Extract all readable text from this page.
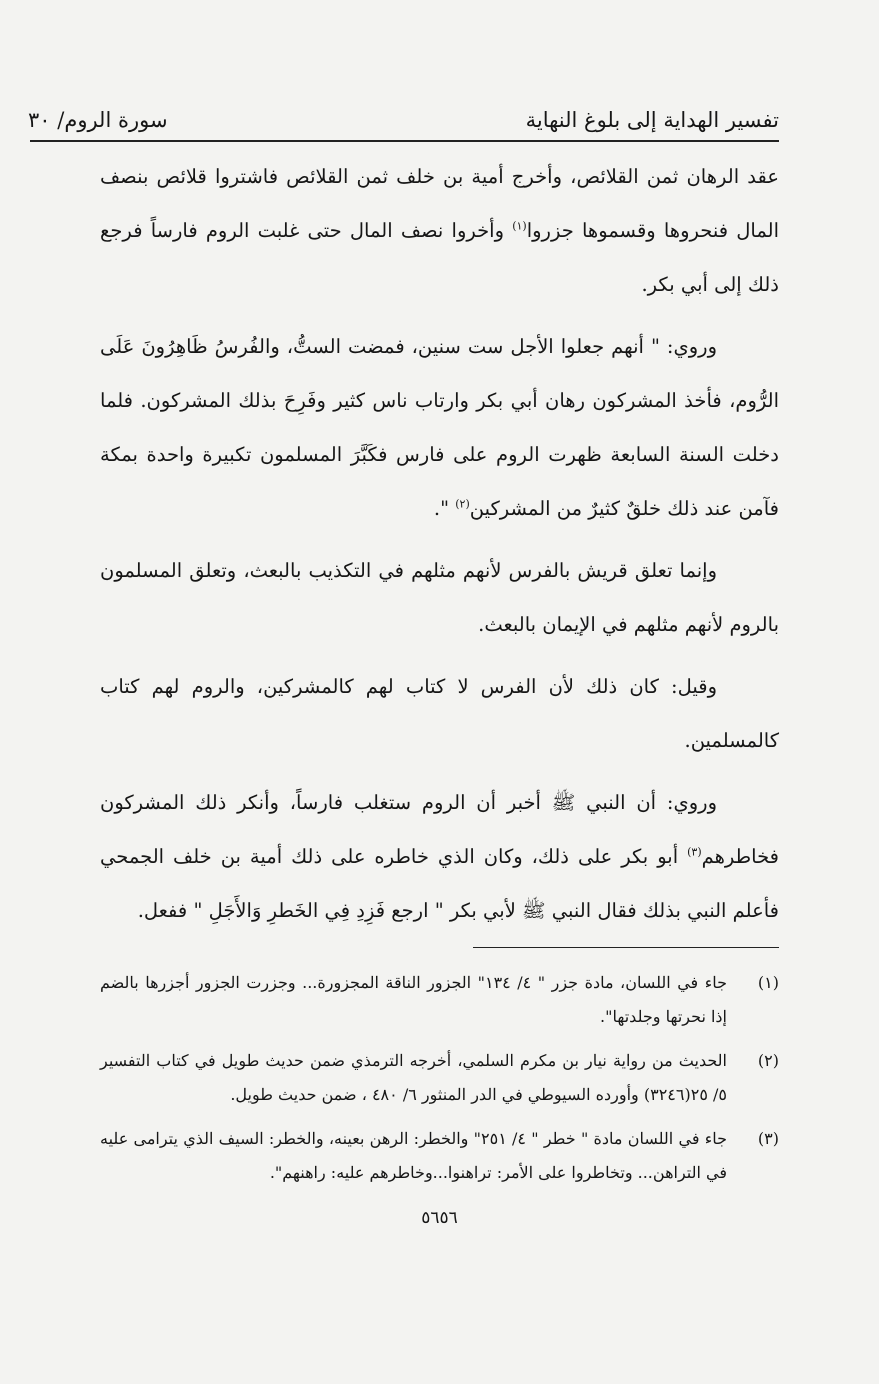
تفسير الهداية إلى بلوغ النهاية
سورة الروم/ ٣٠

عقد الرهان ثمن القلائص، وأخرج أمية بن خلف ثمن القلائص فاشتروا قلائص بنصف المال فنحروها وقسموها جزروا$^{(١)}$ وأخروا نصف المال حتى غلبت الروم فارساً فرجع ذلك إلى أبي بكر.

وروي: " أنهم جعلوا الأجل ست سنين، فمضت الستُّ، والفُرسُ ظَاهِرُونَ عَلَى الرُّوم، فأخذ المشركون رهان أبي بكر وارتاب ناس كثير وفَرِحَ بذلك المشركون. فلما دخلت السنة السابعة ظهرت الروم على فارس فكَبَّرَ المسلمون تكبيرة واحدة بمكة فآمن عند ذلك خلقٌ كثيرٌ من المشركين$^{(٢)}$ ".

وإنما تعلق قريش بالفرس لأنهم مثلهم في التكذيب بالبعث، وتعلق المسلمون بالروم لأنهم مثلهم في الإيمان بالبعث.

وقيل: كان ذلك لأن الفرس لا كتاب لهم كالمشركين، والروم لهم كتاب كالمسلمين.

وروي: أن النبي ﷺ أخبر أن الروم ستغلب فارساً، وأنكر ذلك المشركون فخاطرهم$^{(٣)}$ أبو بكر على ذلك، وكان الذي خاطره على ذلك أمية بن خلف الجمحي فأعلم النبي بذلك فقال النبي ﷺ لأبي بكر " ارجع فَزِدِ فِي الخَطرِ وَالأَجَلِ " ففعل.

(١)
جاء في اللسان، مادة جزر " ٤/ ١٣٤" الجزور الناقة المجزورة... وجزرت الجزور أجزرها بالضم إذا نحرتها وجلدتها".
(٢)
الحديث من رواية نيار بن مكرم السلمي، أخرجه الترمذي ضمن حديث طويل في كتاب التفسير ٥/ ٢٥(٣٢٤٦) وأورده السيوطي في الدر المنثور ٦/ ٤٨٠ ، ضمن حديث طويل.
(٣)
جاء في اللسان مادة " خطر " ٤/ ٢٥١" والخطر: الرهن بعينه، والخطر: السيف الذي يترامى عليه في التراهن... وتخاطروا على الأمر: تراهنوا...وخاطرهم عليه: راهنهم".
٥٦٥٦
